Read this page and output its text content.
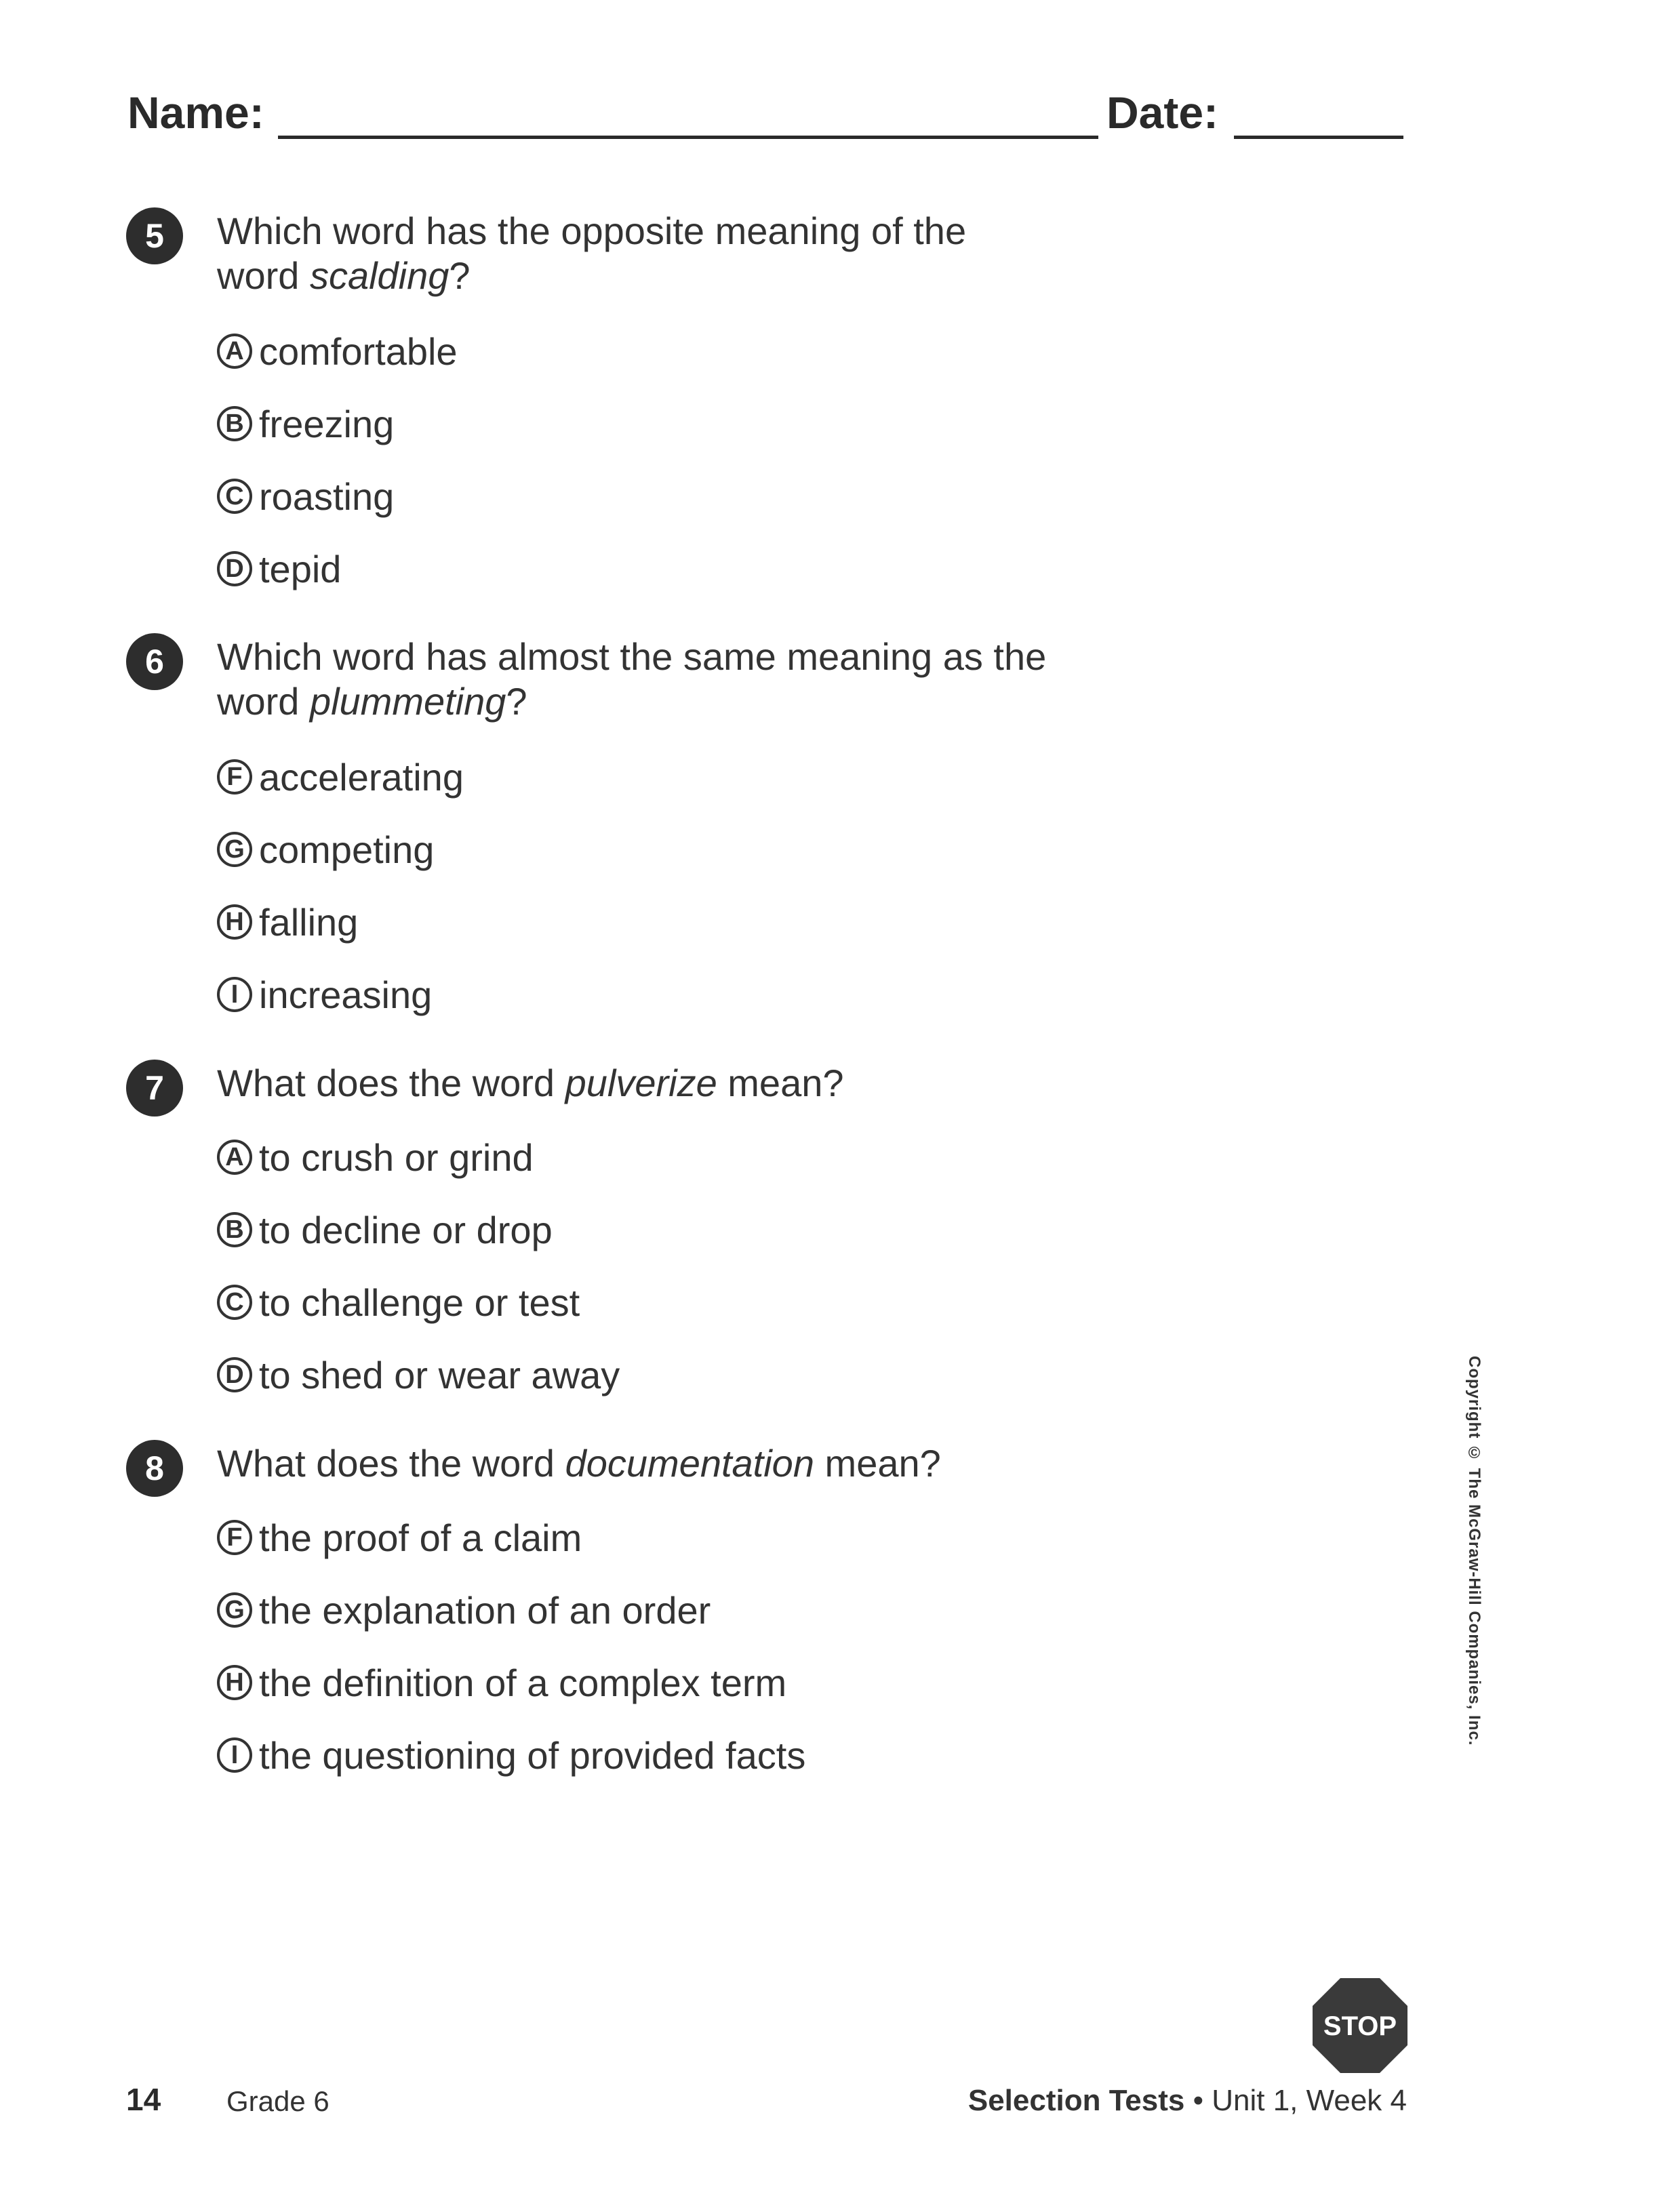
Name:	Date:
5	Which word has the opposite meaning of the word scalding?
A comfortable
B freezing
C roasting
D tepid
6	Which word has almost the same meaning as the word plummeting?
F accelerating
G competing
H falling
I increasing
7	What does the word pulverize mean?
A to crush or grind
B to decline or drop
C to challenge or test
D to shed or wear away
8	What does the word documentation mean?
F the proof of a claim
G the explanation of an order
H the definition of a complex term
I the questioning of provided facts
Copyright © The McGraw-Hill Companies, Inc.
STOP
14 Grade 6	Selection Tests • Unit 1, Week 4
